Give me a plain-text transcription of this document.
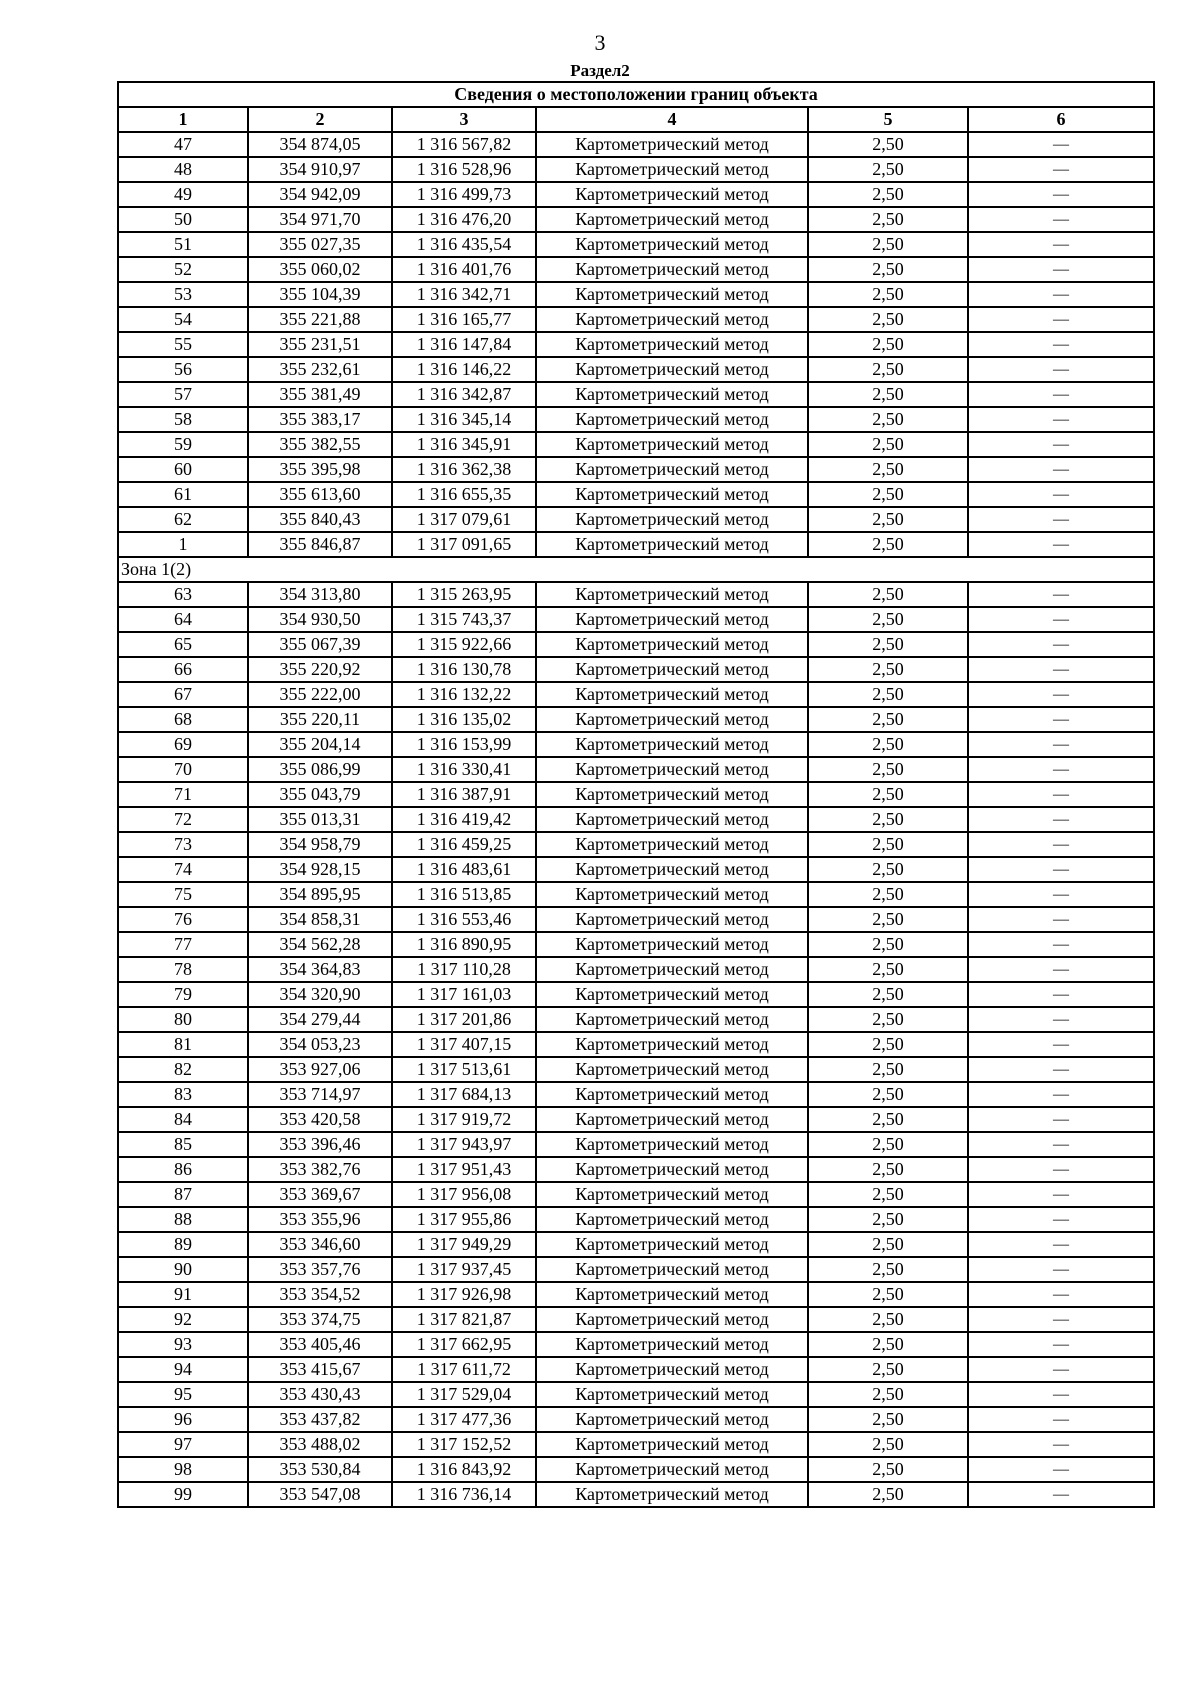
3
Раздел2
Сведения о местоположении границ объекта					
1	2	3	4	5	6
47	354 874,05	1 316 567,82	Картометрический метод	2,50	—
48	354 910,97	1 316 528,96	Картометрический метод	2,50	—
49	354 942,09	1 316 499,73	Картометрический метод	2,50	—
50	354 971,70	1 316 476,20	Картометрический метод	2,50	—
51	355 027,35	1 316 435,54	Картометрический метод	2,50	—
52	355 060,02	1 316 401,76	Картометрический метод	2,50	—
53	355 104,39	1 316 342,71	Картометрический метод	2,50	—
54	355 221,88	1 316 165,77	Картометрический метод	2,50	—
55	355 231,51	1 316 147,84	Картометрический метод	2,50	—
56	355 232,61	1 316 146,22	Картометрический метод	2,50	—
57	355 381,49	1 316 342,87	Картометрический метод	2,50	—
58	355 383,17	1 316 345,14	Картометрический метод	2,50	—
59	355 382,55	1 316 345,91	Картометрический метод	2,50	—
60	355 395,98	1 316 362,38	Картометрический метод	2,50	—
61	355 613,60	1 316 655,35	Картометрический метод	2,50	—
62	355 840,43	1 317 079,61	Картометрический метод	2,50	—
1	355 846,87	1 317 091,65	Картометрический метод	2,50	—
Зона 1(2)					
63	354 313,80	1 315 263,95	Картометрический метод	2,50	—
64	354 930,50	1 315 743,37	Картометрический метод	2,50	—
65	355 067,39	1 315 922,66	Картометрический метод	2,50	—
66	355 220,92	1 316 130,78	Картометрический метод	2,50	—
67	355 222,00	1 316 132,22	Картометрический метод	2,50	—
68	355 220,11	1 316 135,02	Картометрический метод	2,50	—
69	355 204,14	1 316 153,99	Картометрический метод	2,50	—
70	355 086,99	1 316 330,41	Картометрический метод	2,50	—
71	355 043,79	1 316 387,91	Картометрический метод	2,50	—
72	355 013,31	1 316 419,42	Картометрический метод	2,50	—
73	354 958,79	1 316 459,25	Картометрический метод	2,50	—
74	354 928,15	1 316 483,61	Картометрический метод	2,50	—
75	354 895,95	1 316 513,85	Картометрический метод	2,50	—
76	354 858,31	1 316 553,46	Картометрический метод	2,50	—
77	354 562,28	1 316 890,95	Картометрический метод	2,50	—
78	354 364,83	1 317 110,28	Картометрический метод	2,50	—
79	354 320,90	1 317 161,03	Картометрический метод	2,50	—
80	354 279,44	1 317 201,86	Картометрический метод	2,50	—
81	354 053,23	1 317 407,15	Картометрический метод	2,50	—
82	353 927,06	1 317 513,61	Картометрический метод	2,50	—
83	353 714,97	1 317 684,13	Картометрический метод	2,50	—
84	353 420,58	1 317 919,72	Картометрический метод	2,50	—
85	353 396,46	1 317 943,97	Картометрический метод	2,50	—
86	353 382,76	1 317 951,43	Картометрический метод	2,50	—
87	353 369,67	1 317 956,08	Картометрический метод	2,50	—
88	353 355,96	1 317 955,86	Картометрический метод	2,50	—
89	353 346,60	1 317 949,29	Картометрический метод	2,50	—
90	353 357,76	1 317 937,45	Картометрический метод	2,50	—
91	353 354,52	1 317 926,98	Картометрический метод	2,50	—
92	353 374,75	1 317 821,87	Картометрический метод	2,50	—
93	353 405,46	1 317 662,95	Картометрический метод	2,50	—
94	353 415,67	1 317 611,72	Картометрический метод	2,50	—
95	353 430,43	1 317 529,04	Картометрический метод	2,50	—
96	353 437,82	1 317 477,36	Картометрический метод	2,50	—
97	353 488,02	1 317 152,52	Картометрический метод	2,50	—
98	353 530,84	1 316 843,92	Картометрический метод	2,50	—
99	353 547,08	1 316 736,14	Картометрический метод	2,50	—
